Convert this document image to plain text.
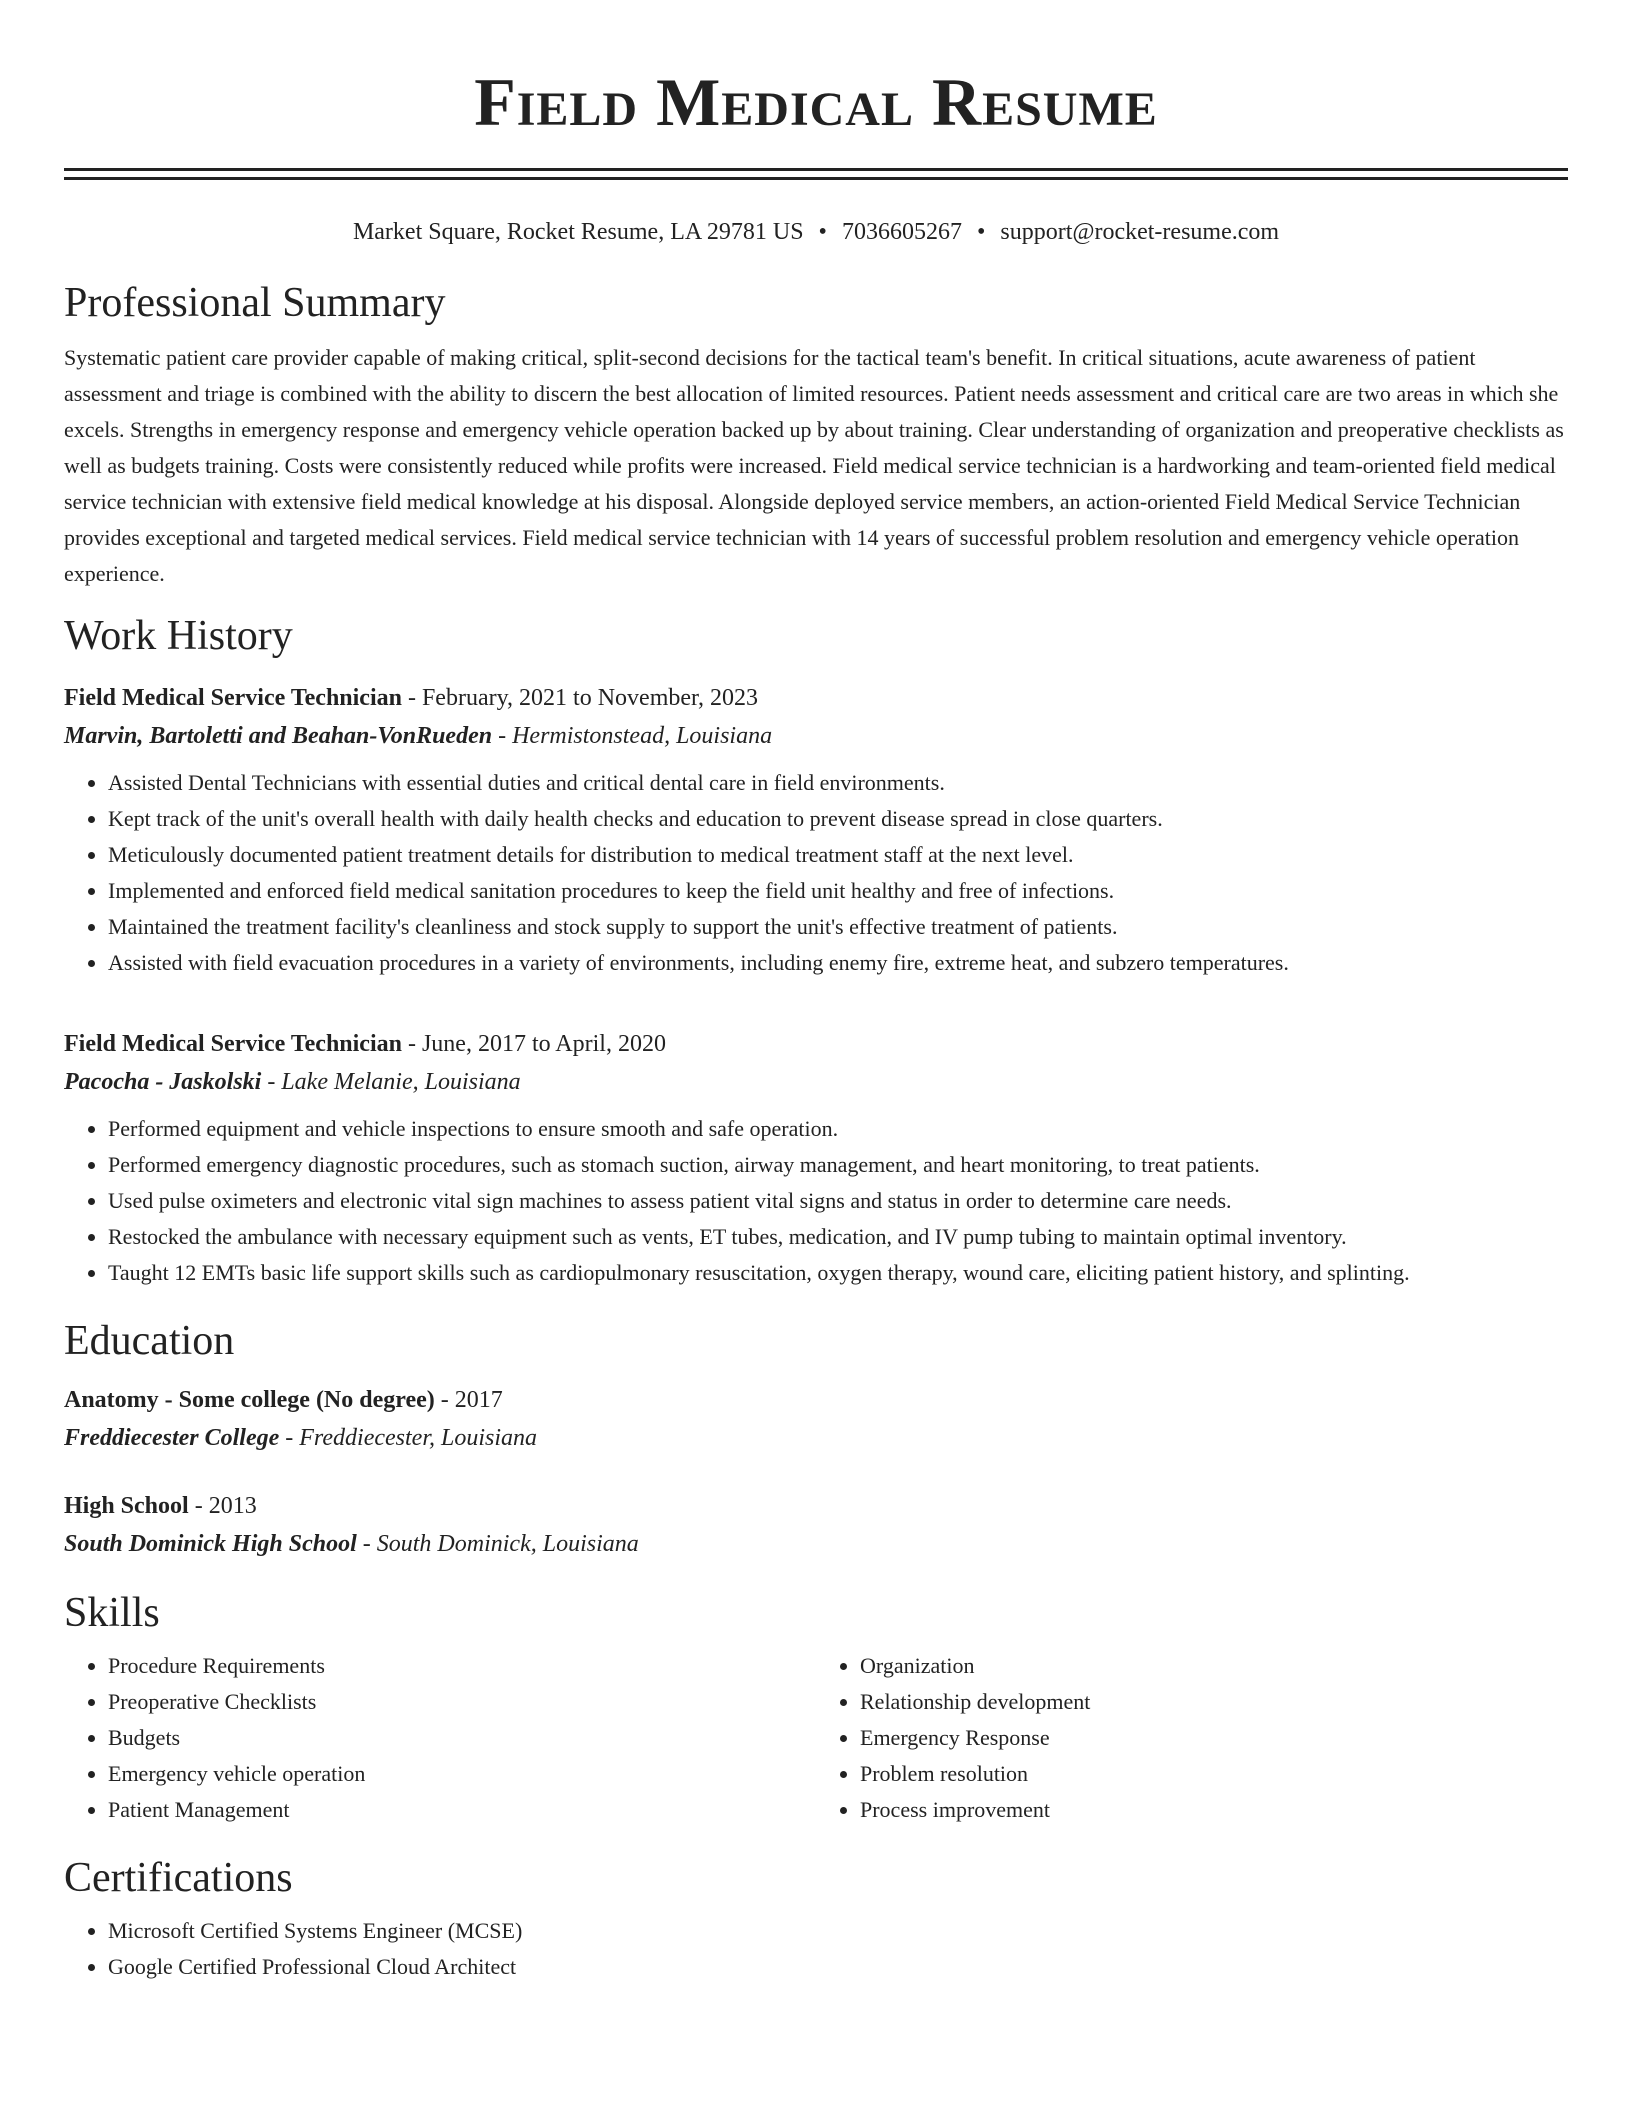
Field Medical Resume
Market Square, Rocket Resume, LA 29781 US • 7036605267 • support@rocket-resume.com
Professional Summary
Systematic patient care provider capable of making critical, split-second decisions for the tactical team's benefit. In critical situations, acute awareness of patient assessment and triage is combined with the ability to discern the best allocation of limited resources. Patient needs assessment and critical care are two areas in which she excels. Strengths in emergency response and emergency vehicle operation backed up by about training. Clear understanding of organization and preoperative checklists as well as budgets training. Costs were consistently reduced while profits were increased. Field medical service technician is a hardworking and team-oriented field medical service technician with extensive field medical knowledge at his disposal. Alongside deployed service members, an action-oriented Field Medical Service Technician provides exceptional and targeted medical services. Field medical service technician with 14 years of successful problem resolution and emergency vehicle operation experience.
Work History
Field Medical Service Technician - February, 2021 to November, 2023
Marvin, Bartoletti and Beahan-VonRueden - Hermistonstead, Louisiana
• Assisted Dental Technicians with essential duties and critical dental care in field environments.
• Kept track of the unit's overall health with daily health checks and education to prevent disease spread in close quarters.
• Meticulously documented patient treatment details for distribution to medical treatment staff at the next level.
• Implemented and enforced field medical sanitation procedures to keep the field unit healthy and free of infections.
• Maintained the treatment facility's cleanliness and stock supply to support the unit's effective treatment of patients.
• Assisted with field evacuation procedures in a variety of environments, including enemy fire, extreme heat, and subzero temperatures.
Field Medical Service Technician - June, 2017 to April, 2020
Pacocha - Jaskolski - Lake Melanie, Louisiana
• Performed equipment and vehicle inspections to ensure smooth and safe operation.
• Performed emergency diagnostic procedures, such as stomach suction, airway management, and heart monitoring, to treat patients.
• Used pulse oximeters and electronic vital sign machines to assess patient vital signs and status in order to determine care needs.
• Restocked the ambulance with necessary equipment such as vents, ET tubes, medication, and IV pump tubing to maintain optimal inventory.
• Taught 12 EMTs basic life support skills such as cardiopulmonary resuscitation, oxygen therapy, wound care, eliciting patient history, and splinting.
Education
Anatomy - Some college (No degree) - 2017
Freddiecester College - Freddiecester, Louisiana
High School - 2013
South Dominick High School - South Dominick, Louisiana
Skills
• Procedure Requirements
• Preoperative Checklists
• Budgets
• Emergency vehicle operation
• Patient Management
• Organization
• Relationship development
• Emergency Response
• Problem resolution
• Process improvement
Certifications
• Microsoft Certified Systems Engineer (MCSE)
• Google Certified Professional Cloud Architect
